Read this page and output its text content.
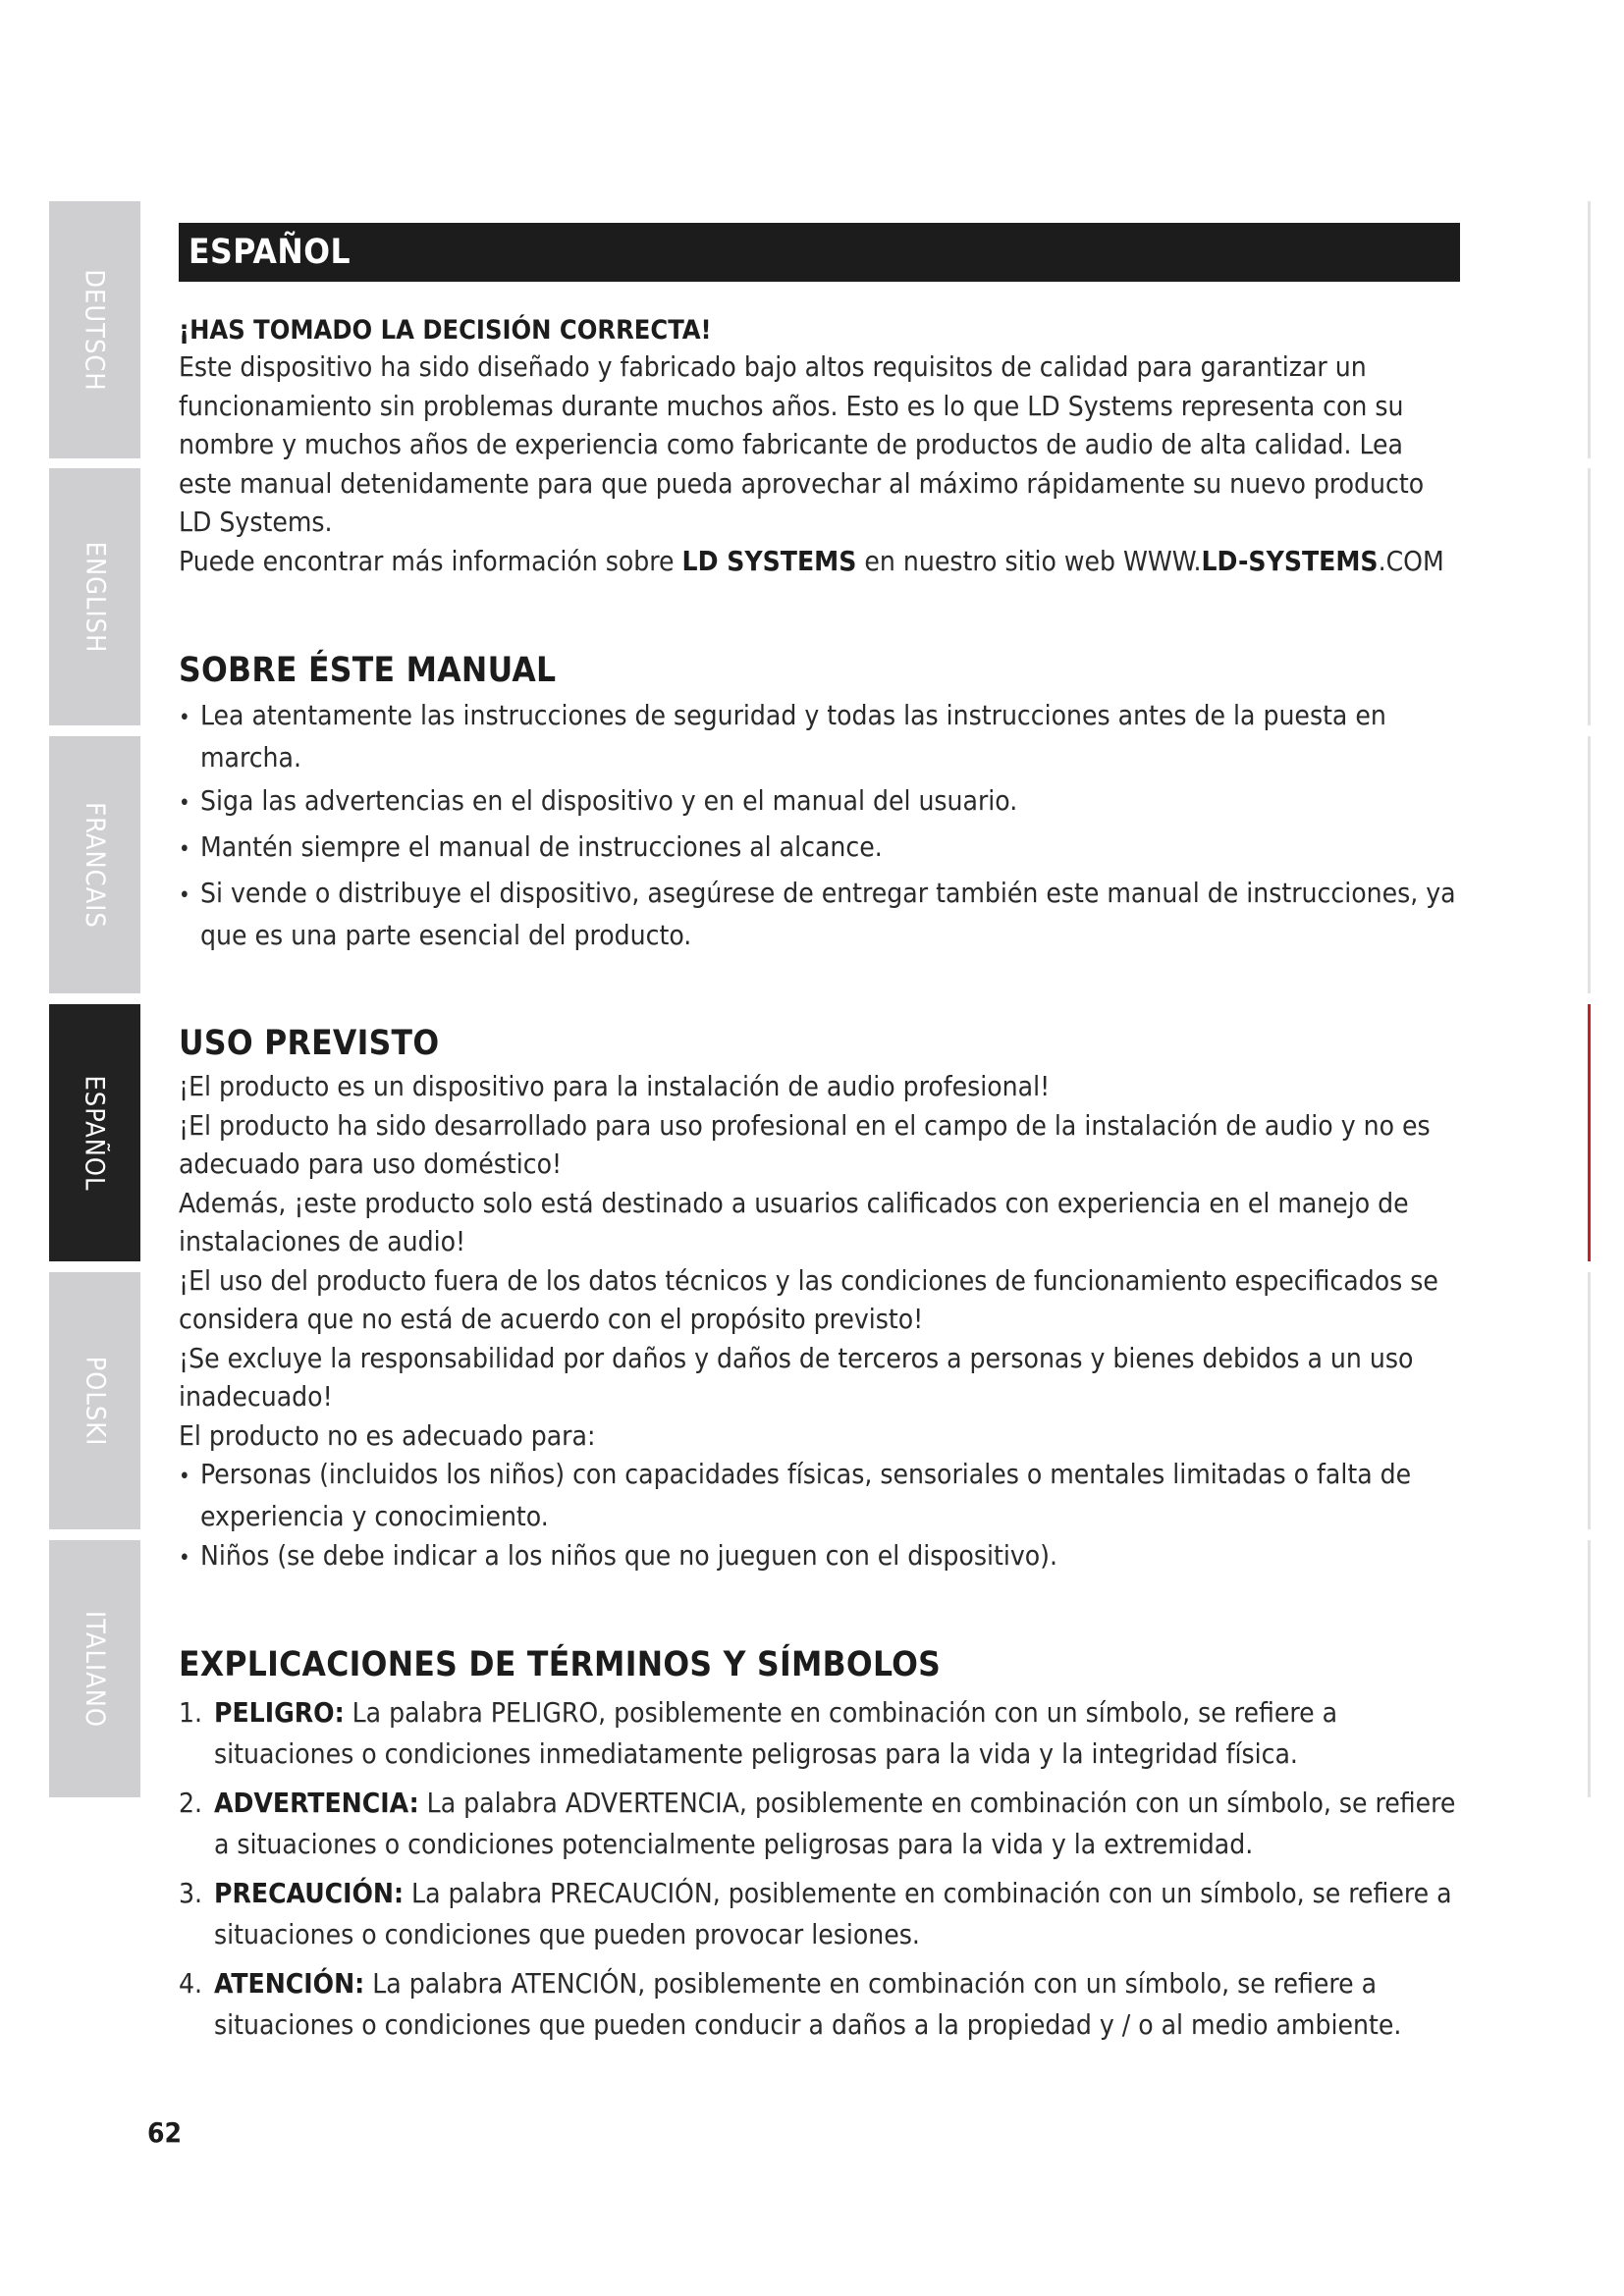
DEUTSCH
ENGLISH
FRANCAIS
ESPAÑOL
POLSKI
ITALIANO
ESPAÑOL
¡HAS TOMADO LA DECISIÓN CORRECTA!

Este dispositivo ha sido diseñado y fabricado bajo altos requisitos de calidad para garantizar un funcionamiento sin problemas durante muchos años. Esto es lo que LD Systems representa con su nombre y muchos años de experiencia como fabricante de productos de audio de alta calidad. Lea este manual detenidamente para que pueda aprovechar al máximo rápidamente su nuevo producto LD Systems.

Puede encontrar más información sobre LD SYSTEMS en nuestro sitio web WWW.LD-SYSTEMS.COM

SOBRE ÉSTE MANUAL
• Lea atentamente las instrucciones de seguridad y todas las instrucciones antes de la puesta en marcha.
• Siga las advertencias en el dispositivo y en el manual del usuario.
• Mantén siempre el manual de instrucciones al alcance.
• Si vende o distribuye el dispositivo, asegúrese de entregar también este manual de instrucciones, ya que es una parte esencial del producto.
USO PREVISTO

¡El producto es un dispositivo para la instalación de audio profesional!

¡El producto ha sido desarrollado para uso profesional en el campo de la instalación de audio y no es adecuado para uso doméstico!

Además, ¡este producto solo está destinado a usuarios calificados con experiencia en el manejo de instalaciones de audio!

¡El uso del producto fuera de los datos técnicos y las condiciones de funcionamiento especificados se considera que no está de acuerdo con el propósito previsto!

¡Se excluye la responsabilidad por daños y daños de terceros a personas y bienes debidos a un uso inadecuado!

El producto no es adecuado para:

• Personas (incluidos los niños) con capacidades físicas, sensoriales o mentales limitadas o falta de experiencia y conocimiento.
• Niños (se debe indicar a los niños que no jueguen con el dispositivo).
EXPLICACIONES DE TÉRMINOS Y SÍMBOLOS
1. PELIGRO: La palabra PELIGRO, posiblemente en combinación con un símbolo, se refiere a situaciones o condiciones inmediatamente peligrosas para la vida y la integridad física.
2. ADVERTENCIA: La palabra ADVERTENCIA, posiblemente en combinación con un símbolo, se refiere a situaciones o condiciones potencialmente peligrosas para la vida y la extremidad.
3. PRECAUCIÓN: La palabra PRECAUCIÓN, posiblemente en combinación con un símbolo, se refiere a situaciones o condiciones que pueden provocar lesiones.
4. ATENCIÓN: La palabra ATENCIÓN, posiblemente en combinación con un símbolo, se refiere a situaciones o condiciones que pueden conducir a daños a la propiedad y / o al medio ambiente.
62
